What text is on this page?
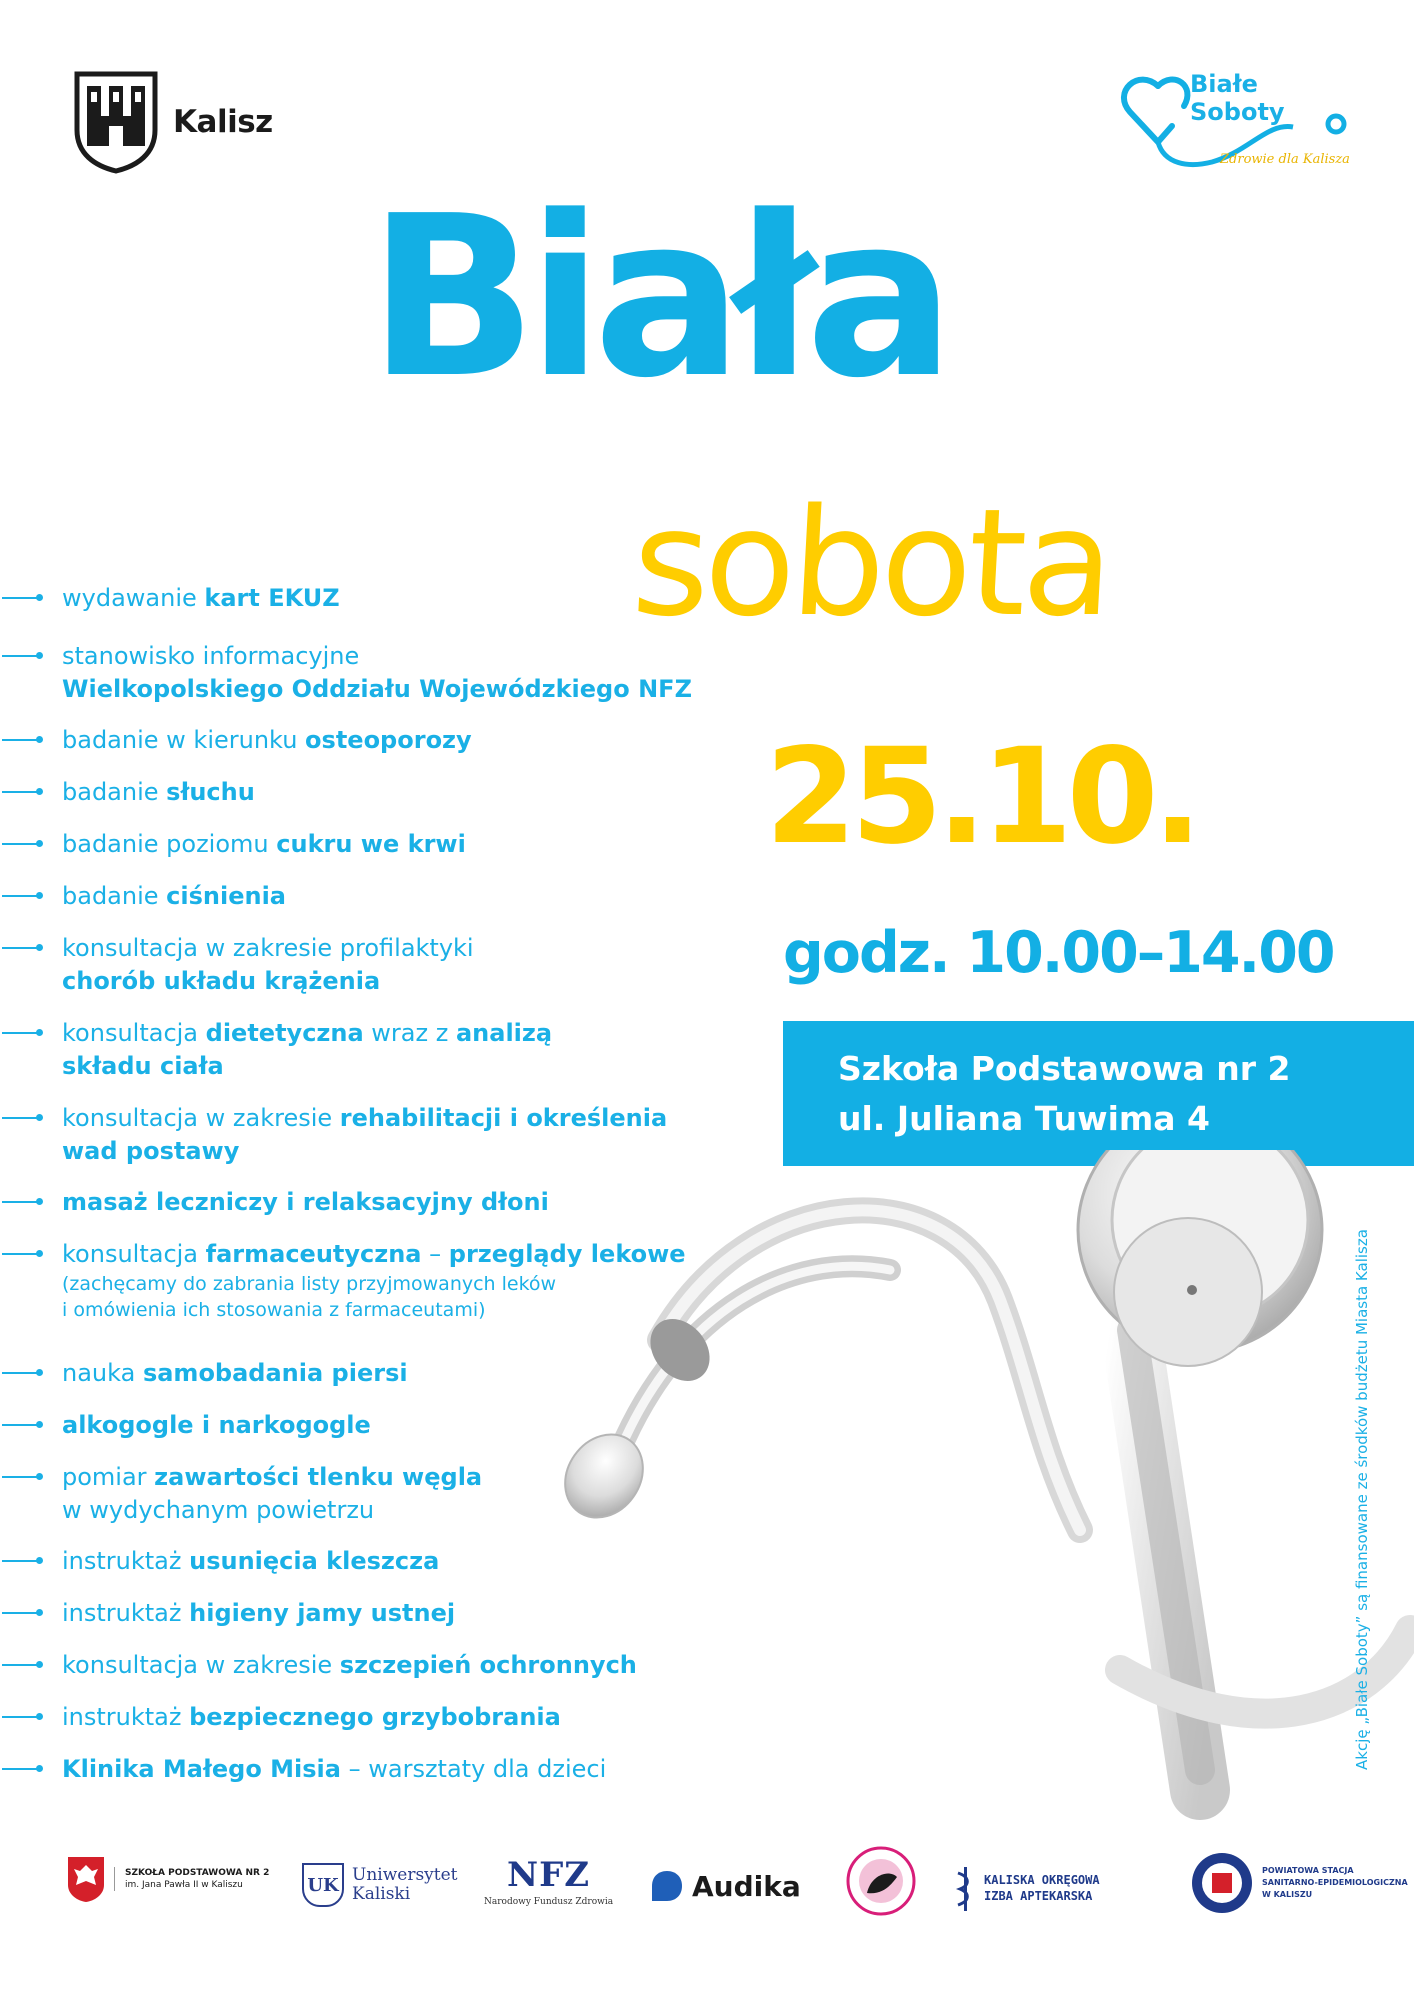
Kalisz
Białe
Soboty
Zdrowie dla Kalisza
Biała
sobota
25.10.
godz. 10.00–14.00
Szkoła Podstawowa nr 2
ul. Juliana Tuwima 4
wydawanie kart EKUZ
stanowisko informacyjne
Wielkopolskiego Oddziału Wojewódzkiego NFZ
badanie w kierunku osteoporozy
badanie słuchu
badanie poziomu cukru we krwi
badanie ciśnienia
konsultacja w zakresie profilaktyki
chorób układu krążenia
konsultacja dietetyczna wraz z analizą
składu ciała
konsultacja w zakresie rehabilitacji i określenia
wad postawy
masaż leczniczy i relaksacyjny dłoni
konsultacja farmaceutyczna – przeglądy lekowe
(zachęcamy do zabrania listy przyjmowanych leków
i omówienia ich stosowania z farmaceutami)
nauka samobadania piersi
alkogogle i narkogogle
pomiar zawartości tlenku węgla
w wydychanym powietrzu
instruktaż usunięcia kleszcza
instruktaż higieny jamy ustnej
konsultacja w zakresie szczepień ochronnych
instruktaż bezpiecznego grzybobrania
Klinika Małego Misia – warsztaty dla dzieci	Akcję „Białe Soboty” są finansowane ze środków budżetu Miasta Kalisza
SZKOŁA PODSTAWOWA NR 2
im. Jana Pawła II w Kaliszu	UK Uniwersytet
Kaliski	NFZ
Narodowy Fundusz Zdrowia	Audika	KALISKA OKRĘGOWA
IZBA APTEKARSKA
POWIATOWA STACJA
SANITARNO-EPIDEMIOLOGICZNA
W KALISZU
